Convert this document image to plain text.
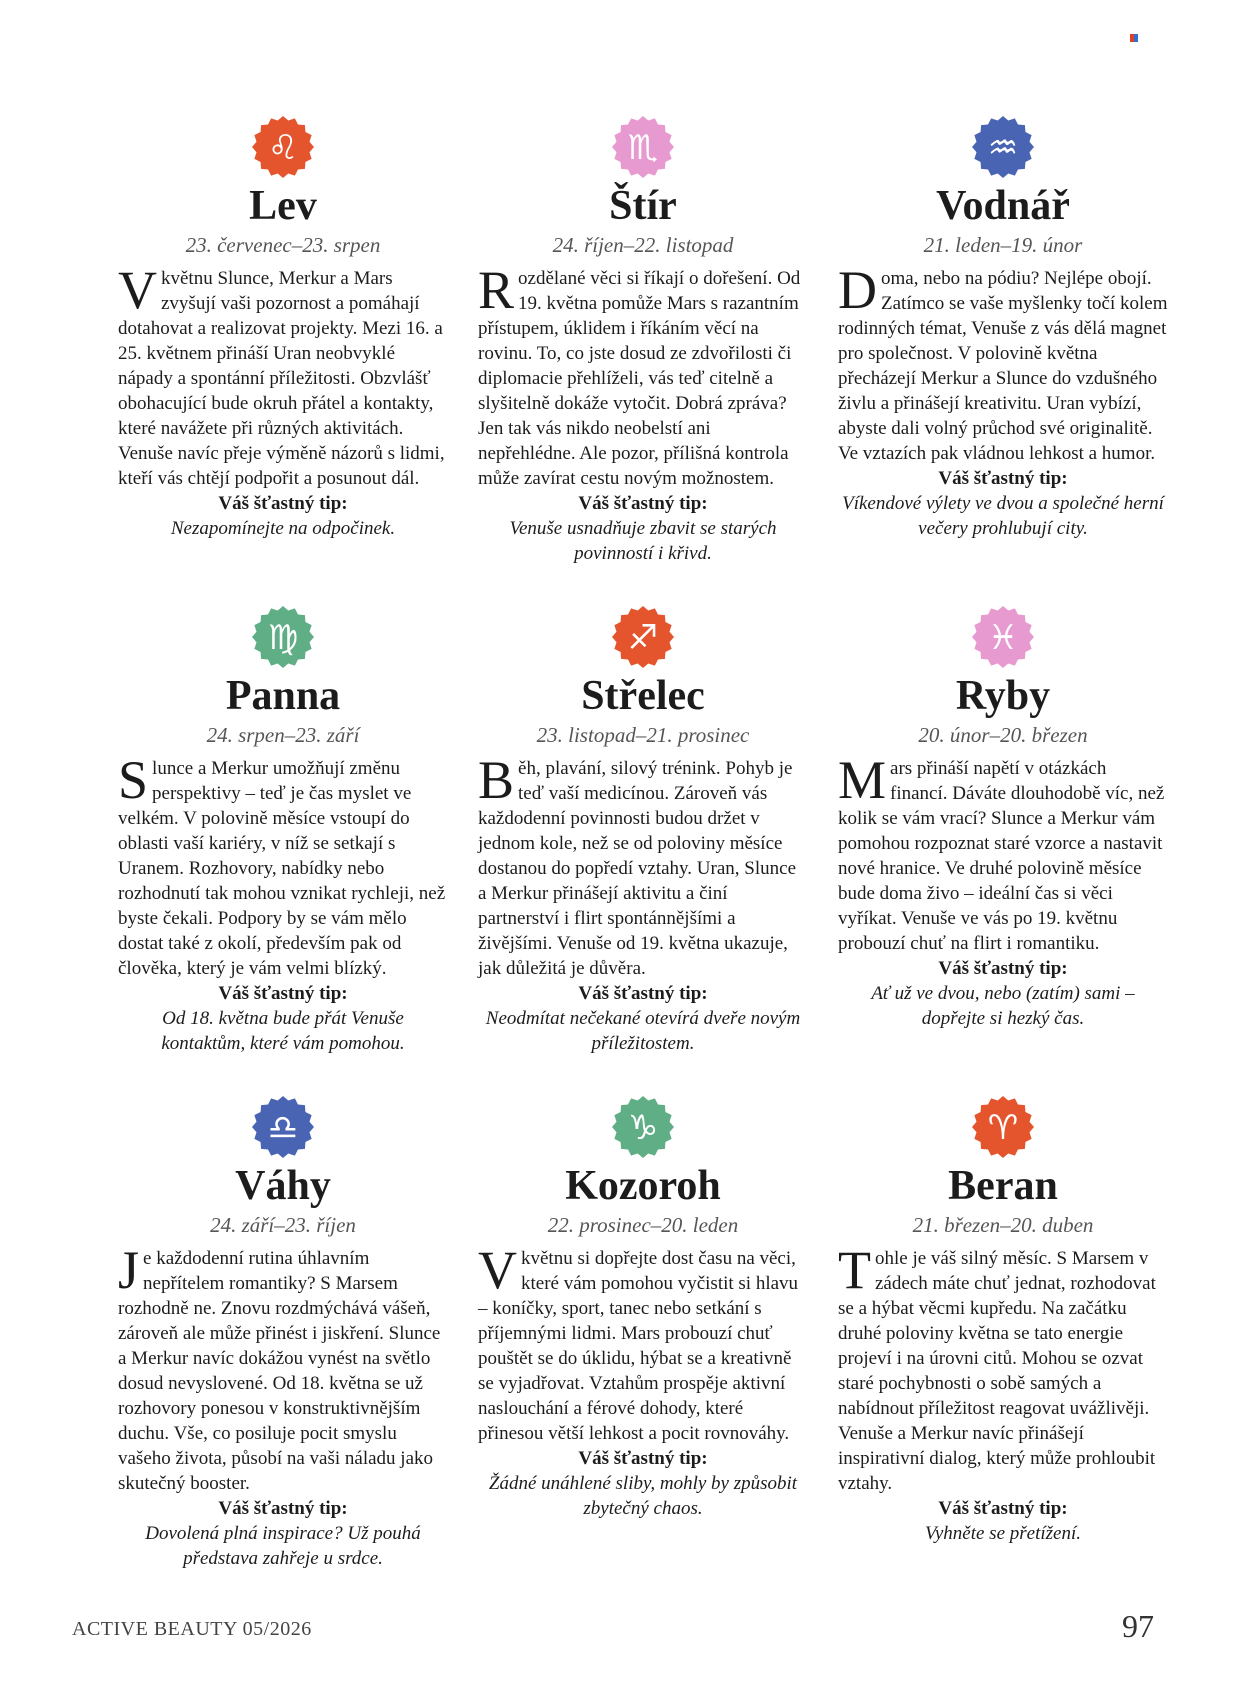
♌
Lev
23. červenec–23. srpen

Vkvětnu Slunce, Merkur a Mars zvyšují vaši pozornost a pomáhají dotahovat a realizovat projekty. Mezi 16. a 25. květnem přináší Uran neobvyklé nápady a spontánní příležitosti. Obzvlášť obohacující bude okruh přátel a kontakty, které navážete při různých aktivitách. Venuše navíc přeje výměně názorů s lidmi, kteří vás chtějí podpořit a posunout dál.

Váš šťastný tip:
Nezapomínejte na odpočinek.
♏
Štír
24. říjen–22. listopad

Rozdělané věci si říkají o dořešení. Od 19. května pomůže Mars s razantním přístupem, úklidem i říkáním věcí na rovinu. To, co jste dosud ze zdvořilosti či diplomacie přehlíželi, vás teď citelně a slyšitelně dokáže vytočit. Dobrá zpráva? Jen tak vás nikdo neobelstí ani nepřehlédne. Ale pozor, přílišná kontrola může zavírat cestu novým možnostem.

Váš šťastný tip:
Venuše usnadňuje zbavit se starých povinností i křivd.
♒
Vodnář
21. leden–19. únor

Doma, nebo na pódiu? Nejlépe obojí. Zatímco se vaše myšlenky točí kolem rodinných témat, Venuše z vás dělá magnet pro společnost. V polovině května přecházejí Merkur a Slunce do vzdušného živlu a přinášejí kreativitu. Uran vybízí, abyste dali volný průchod své originalitě. Ve vztazích pak vládnou lehkost a humor.

Váš šťastný tip:
Víkendové výlety ve dvou a společné herní večery prohlubují city.
♍
Panna
24. srpen–23. září

Slunce a Merkur umožňují změnu perspektivy – teď je čas myslet ve velkém. V polovině měsíce vstoupí do oblasti vaší kariéry, v níž se setkají s Uranem. Rozhovory, nabídky nebo rozhodnutí tak mohou vznikat rychleji, než byste čekali. Podpory by se vám mělo dostat také z okolí, především pak od člověka, který je vám velmi blízký.

Váš šťastný tip:
Od 18. května bude přát Venuše kontaktům, které vám pomohou.
♐
Střelec
23. listopad–21. prosinec

Běh, plavání, silový trénink. Pohyb je teď vaší medicínou. Zároveň vás každodenní povinnosti budou držet v jednom kole, než se od poloviny měsíce dostanou do popředí vztahy. Uran, Slunce a Merkur přinášejí aktivitu a činí partnerství i flirt spontánnějšími a živějšími. Venuše od 19. května ukazuje, jak důležitá je důvěra.

Váš šťastný tip:
Neodmítat nečekané otevírá dveře novým příležitostem.
♓
Ryby
20. únor–20. březen

Mars přináší napětí v otázkách financí. Dáváte dlouhodobě víc, než kolik se vám vrací? Slunce a Merkur vám pomohou rozpoznat staré vzorce a nastavit nové hranice. Ve druhé polovině měsíce bude doma živo – ideální čas si věci vyříkat. Venuše ve vás po 19. květnu probouzí chuť na flirt i romantiku.

Váš šťastný tip:
Ať už ve dvou, nebo (zatím) sami – dopřejte si hezký čas.
♎
Váhy
24. září–23. říjen

Je každodenní rutina úhlavním nepřítelem romantiky? S Marsem rozhodně ne. Znovu rozdmýchává vášeň, zároveň ale může přinést i jiskření. Slunce a Merkur navíc dokážou vynést na světlo dosud nevyslovené. Od 18. května se už rozhovory ponesou v konstruktivnějším duchu. Vše, co posiluje pocit smyslu vašeho života, působí na vaši náladu jako skutečný booster.

Váš šťastný tip:
Dovolená plná inspirace? Už pouhá představa zahřeje u srdce.
♑
Kozoroh
22. prosinec–20. leden

Vkvětnu si dopřejte dost času na věci, které vám pomohou vyčistit si hlavu – koníčky, sport, tanec nebo setkání s příjemnými lidmi. Mars probouzí chuť pouštět se do úklidu, hýbat se a kreativně se vyjadřovat. Vztahům prospěje aktivní naslouchání a férové dohody, které přinesou větší lehkost a pocit rovnováhy.

Váš šťastný tip:
Žádné unáhlené sliby, mohly by způsobit zbytečný chaos.
♈
Beran
21. březen–20. duben

Tohle je váš silný měsíc. S Marsem v zádech máte chuť jednat, rozhodovat se a hýbat věcmi kupředu. Na začátku druhé poloviny května se tato energie projeví i na úrovni citů. Mohou se ozvat staré pochybnosti o sobě samých a nabídnout příležitost reagovat uvážlivěji. Venuše a Merkur navíc přinášejí inspirativní dialog, který může prohloubit vztahy.

Váš šťastný tip:
Vyhněte se přetížení.
ACTIVE BEAUTY 05/2026	97
